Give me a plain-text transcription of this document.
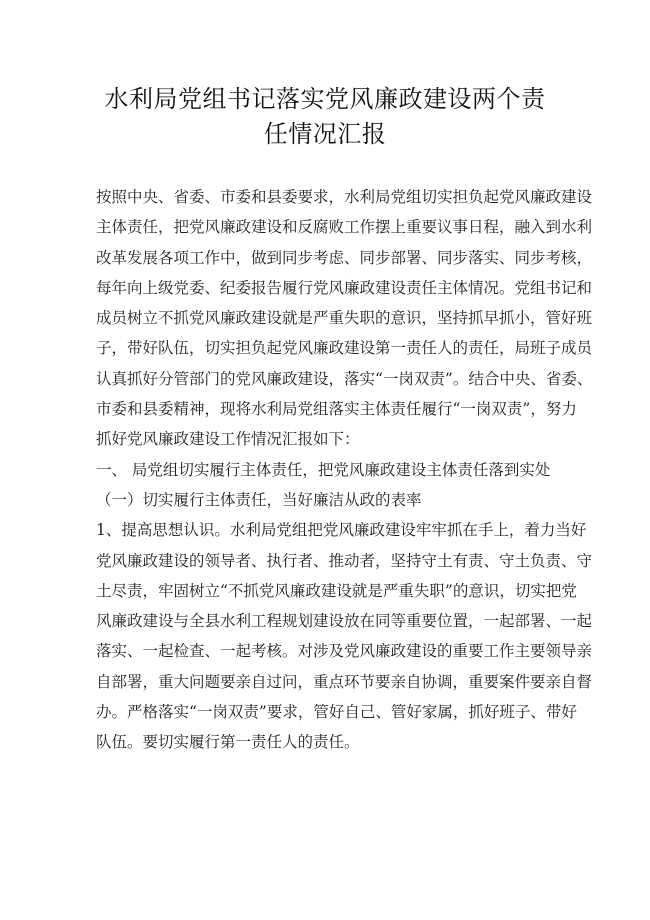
水利局党组书记落实党风廉政建设两个责
任情况汇报
按照中央、省委、市委和县委要求，水利局党组切实担负起党风廉政建设
主体责任，把党风廉政建设和反腐败工作摆上重要议事日程，融入到水利
改革发展各项工作中，做到同步考虑、同步部署、同步落实、同步考核，
每年向上级党委、纪委报告履行党风廉政建设责任主体情况。党组书记和
成员树立不抓党风廉政建设就是严重失职的意识，坚持抓早抓小，管好班
子，带好队伍，切实担负起党风廉政建设第一责任人的责任，局班子成员
认真抓好分管部门的党风廉政建设，落实“一岗双责”。结合中央、省委、
市委和县委精神，现将水利局党组落实主体责任履行“一岗双责”，努力
抓好党风廉政建设工作情况汇报如下：
一、 局党组切实履行主体责任，把党风廉政建设主体责任落到实处
（一）切实履行主体责任，当好廉洁从政的表率
1、提高思想认识。水利局党组把党风廉政建设牢牢抓在手上，着力当好
党风廉政建设的领导者、执行者、推动者，坚持守土有责、守土负责、守
土尽责，牢固树立“不抓党风廉政建设就是严重失职”的意识，切实把党
风廉政建设与全县水利工程规划建设放在同等重要位置，一起部署、一起
落实、一起检查、一起考核。对涉及党风廉政建设的重要工作主要领导亲
自部署，重大问题要亲自过问，重点环节要亲自协调，重要案件要亲自督
办。严格落实“一岗双责”要求，管好自己、管好家属，抓好班子、带好
队伍。要切实履行第一责任人的责任。
